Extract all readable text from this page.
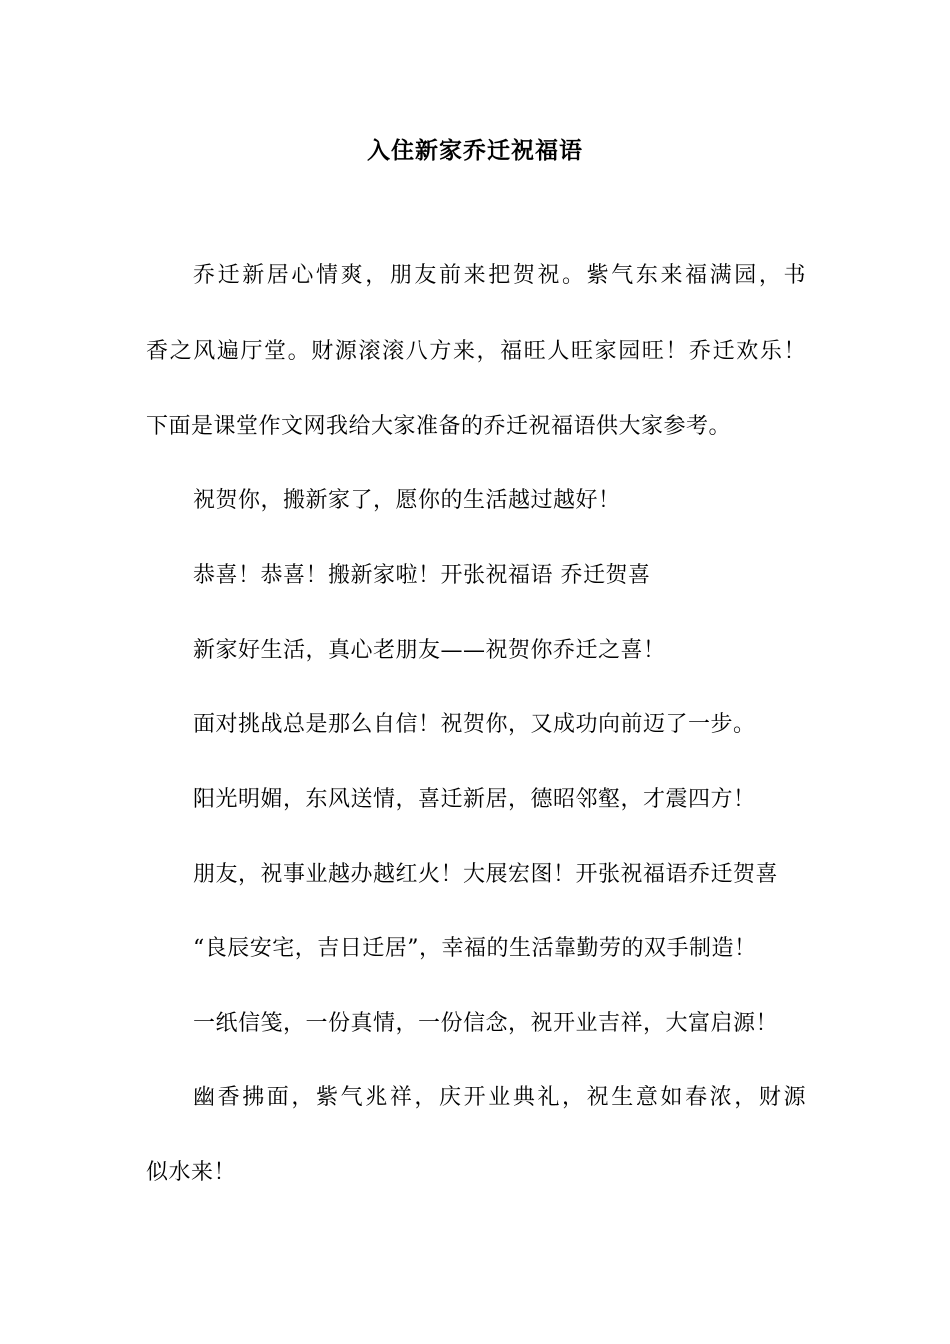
入住新家乔迁祝福语
乔迁新居心情爽，朋友前来把贺祝。紫气东来福满园，书
香之风遍厅堂。财源滚滚八方来，福旺人旺家园旺！乔迁欢乐！
下面是课堂作文网我给大家准备的乔迁祝福语供大家参考。
祝贺你，搬新家了，愿你的生活越过越好！
恭喜！恭喜！搬新家啦！开张祝福语 乔迁贺喜
新家好生活，真心老朋友——祝贺你乔迁之喜！
面对挑战总是那么自信！祝贺你，又成功向前迈了一步。
阳光明媚，东风送情，喜迁新居，德昭邻壑，才震四方！
朋友，祝事业越办越红火！大展宏图！开张祝福语乔迁贺喜
“良辰安宅，吉日迁居”，幸福的生活靠勤劳的双手制造！
一纸信笺，一份真情，一份信念，祝开业吉祥，大富启源！
幽香拂面，紫气兆祥，庆开业典礼，祝生意如春浓，财源
似水来！
